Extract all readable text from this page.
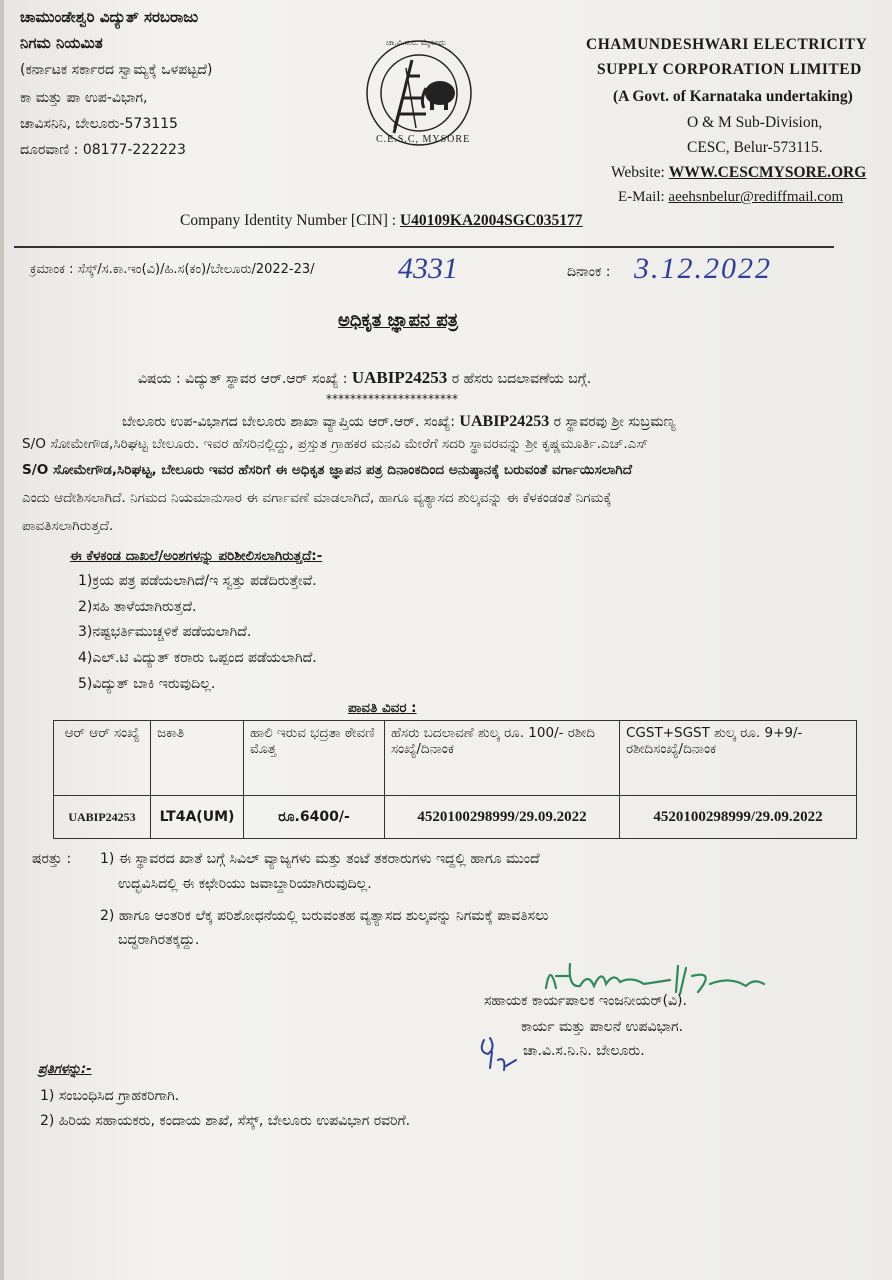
ಚಾಮುಂಡೇಶ್ವರಿ ವಿದ್ಯುತ್ ಸರಬರಾಜು
ನಿಗಮ ನಿಯಮಿತ
(ಕರ್ನಾಟಕ ಸರ್ಕಾರದ ಸ್ವಾಮ್ಯಕ್ಕೆ ಒಳಪಟ್ಟದೆ)
ಕಾ ಮತ್ತು ಪಾ ಉಪ-ವಿಭಾಗ,
ಚಾವಿಸನಿನಿ, ಬೇಲೂರು-573115
ದೂರವಾಣಿ : 08177-222223
ಚಾ.ವಿ.ಸ.ನಿ. ಮೈಸೂರು
C.E.S.C, MYSORE
CHAMUNDESHWARI ELECTRICITY
SUPPLY CORPORATION LIMITED
(A Govt. of Karnataka undertaking)
O & M Sub-Division,
CESC, Belur-573115.
Website: WWW.CESCMYSORE.ORG
E-Mail: aeehsnbelur@rediffmail.com
Company Identity Number [CIN] : U40109KA2004SGC035177
ಕ್ರಮಾಂಕ : ಸೆಸ್ಕ್/ಸ.ಕಾ.ಇಂ(ವಿ)/ಹಿ.ಸ(ಕಂ)/ಬೇಲೂರು/2022-23/	4331	ದಿನಾಂಕ : 3.12.2022
ಅಧಿಕೃತ ಜ್ಞಾಪನ ಪತ್ರ
ವಿಷಯ : ವಿದ್ಯುತ್ ಸ್ಥಾವರ ಆರ್.ಆರ್ ಸಂಖ್ಯೆ : UABIP24253 ರ ಹೆಸರು ಬದಲಾವಣೆಯ ಬಗ್ಗೆ.
**********************
ಬೇಲೂರು ಉಪ-ವಿಭಾಗದ ಬೇಲೂರು ಶಾಖಾ ವ್ಯಾಪ್ತಿಯ ಆರ್.ಆರ್. ಸಂಖ್ಯೆ: UABIP24253 ರ ಸ್ಥಾವರವು ಶ್ರೀ ಸುಬ್ರಮಣ್ಯ
S/O ಸೋಮೇಗೌಡ,ಸಿರಿಘಟ್ಟ ಬೇಲೂರು. ಇವರ ಹೆಸರಿನಲ್ಲಿದ್ದು, ಪ್ರಸ್ತುತ ಗ್ರಾಹಕರ ಮನವಿ ಮೇರೆಗೆ ಸದರಿ ಸ್ಥಾವರವನ್ನು ಶ್ರೀ ಕೃಷ್ಣಮೂರ್ತಿ.ಎಚ್.ಎಸ್
S/O ಸೋಮೇಗೌಡ,ಸಿರಿಘಟ್ಟ, ಬೇಲೂರು ಇವರ ಹೆಸರಿಗೆ ಈ ಅಧಿಕೃತ ಜ್ಞಾಪನ ಪತ್ರ ದಿನಾಂಕದಿಂದ ಅನುಷ್ಠಾನಕ್ಕೆ ಬರುವಂತೆ ವರ್ಗಾಯಿಸಲಾಗಿದೆ
ಎಂದು ಆದೇಶಿಸಲಾಗಿದೆ. ನಿಗಮದ ನಿಯಮಾನುಸಾರ ಈ ವರ್ಗಾವಣೆ ಮಾಡಲಾಗಿದೆ, ಹಾಗೂ ವ್ಯತ್ಯಾಸದ ಶುಲ್ಕವನ್ನು ಈ ಕೆಳಕಂಡಂತೆ ನಿಗಮಕ್ಕೆ
ಪಾವತಿಸಲಾಗಿರುತ್ತದೆ.
ಈ ಕೆಳಕಂಡ ದಾಖಲೆ/ಅಂಶಗಳನ್ನು ಪರಿಶೀಲಿಸಲಾಗಿರುತ್ತದೆ:-
1)ಕ್ರಯ ಪತ್ರ ಪಡೆಯಲಾಗಿದೆ/ಇ ಸ್ವತ್ತು ಪಡೆದಿರುತ್ತೇವೆ.
2)ಸಹಿ ತಾಳೆಯಾಗಿರುತ್ತದೆ.
3)ನಷ್ಟಭರ್ತಿಮುಚ್ಚಳಿಕೆ ಪಡೆಯಲಾಗಿದೆ.
4)ಎಲ್.ಟಿ ವಿದ್ಯುತ್ ಕರಾರು ಒಪ್ಪಂದ ಪಡೆಯಲಾಗಿದೆ.
5)ವಿದ್ಯುತ್ ಬಾಕಿ ಇರುವುದಿಲ್ಲ.
ಪಾವತಿ ವಿವರ :
ಆರ್ ಆರ್ ಸಂಖ್ಯೆ	ಜಕಾತಿ	ಹಾಲಿ ಇರುವ ಭದ್ರತಾ ಠೇವಣಿ ಮೊತ್ತ	ಹೆಸರು ಬದಲಾವಣೆ ಶುಲ್ಕ ರೂ. 100/- ರಶೀದಿ ಸಂಖ್ಯೆ/ದಿನಾಂಕ	CGST+SGST ಶುಲ್ಕ ರೂ. 9+9/- ರಶೀದಿಸಂಖ್ಯೆ/ದಿನಾಂಕ
UABIP24253	LT4A(UM)	ರೂ.6400/-	4520100298999/29.09.2022	4520100298999/29.09.2022
ಷರತ್ತು : 1) ಈ ಸ್ಥಾವರದ ಖಾತೆ ಬಗ್ಗೆ ಸಿವಿಲ್ ವ್ಯಾಜ್ಯಗಳು ಮತ್ತು ತಂಟೆ ತಕರಾರುಗಳು ಇದ್ದಲ್ಲಿ ಹಾಗೂ ಮುಂದೆ
ಉದ್ಭವಿಸಿದಲ್ಲಿ ಈ ಕಛೇರಿಯು ಜವಾಬ್ದಾರಿಯಾಗಿರುವುದಿಲ್ಲ.
2) ಹಾಗೂ ಆಂತರಿಕ ಲೆಕ್ಕ ಪರಿಶೋಧನೆಯಲ್ಲಿ ಬರುವಂತಹ ವ್ಯತ್ಯಾಸದ ಶುಲ್ಕವನ್ನು ನಿಗಮಕ್ಕೆ ಪಾವತಿಸಲು
ಬದ್ಧರಾಗಿರತಕ್ಕದ್ದು.
ಸಹಾಯಕ ಕಾರ್ಯಪಾಲಕ ಇಂಜನೀಯರ್(ವಿ).
ಕಾರ್ಯ ಮತ್ತು ಪಾಲನೆ ಉಪವಿಭಾಗ.
ಚಾ.ವಿ.ಸ.ನಿ.ನಿ. ಬೇಲೂರು.
ಪ್ರತಿಗಳನ್ನು:-
1) ಸಂಬಂಧಿಸಿದ ಗ್ರಾಹಕರಿಗಾಗಿ.
2) ಹಿರಿಯ ಸಹಾಯಕರು, ಕಂದಾಯ ಶಾಖೆ, ಸೆಸ್ಕ್, ಬೇಲೂರು ಉಪವಿಭಾಗ ರವರಿಗೆ.
